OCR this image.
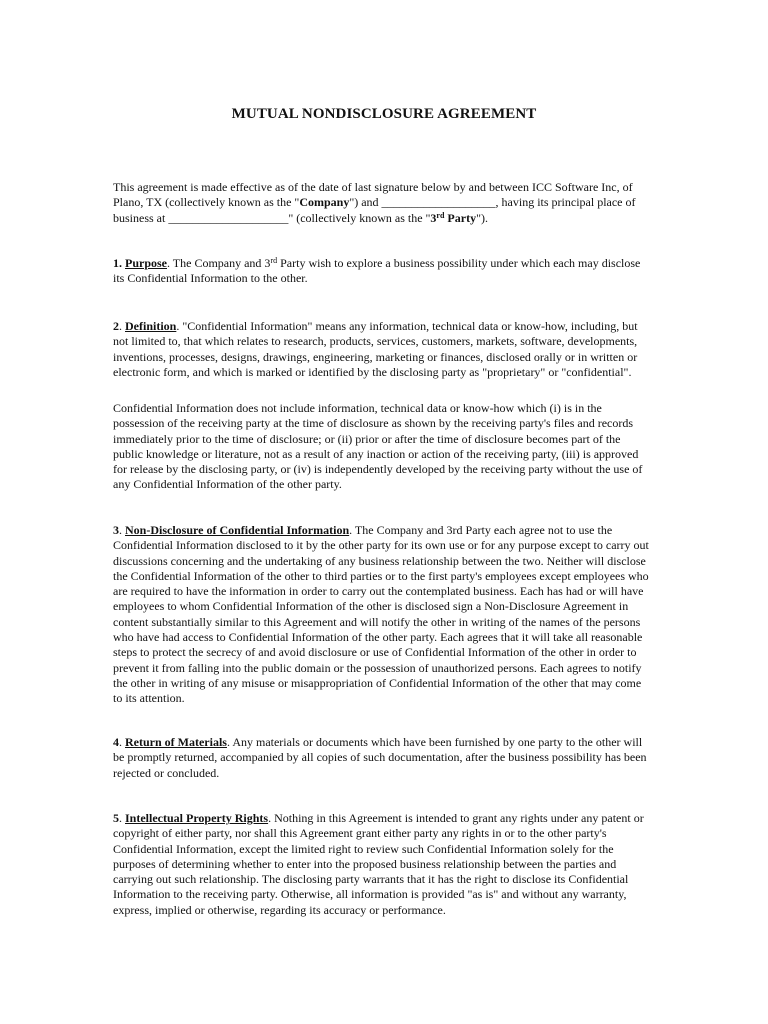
MUTUAL NONDISCLOSURE AGREEMENT

This agreement is made effective as of the date of last signature below by and between ICC Software Inc, of Plano, TX (collectively known as the "Company") and ___________________, having its principal place of business at ____________________" (collectively known as the "3rd Party").

1. Purpose. The Company and 3rd Party wish to explore a business possibility under which each may disclose its Confidential Information to the other.

2. Definition. "Confidential Information" means any information, technical data or know-how, including, but not limited to, that which relates to research, products, services, customers, markets, software, developments, inventions, processes, designs, drawings, engineering, marketing or finances, disclosed orally or in written or electronic form, and which is marked or identified by the disclosing party as "proprietary" or "confidential".

Confidential Information does not include information, technical data or know-how which (i) is in the possession of the receiving party at the time of disclosure as shown by the receiving party's files and records immediately prior to the time of disclosure; or (ii) prior or after the time of disclosure becomes part of the public knowledge or literature, not as a result of any inaction or action of the receiving party, (iii) is approved for release by the disclosing party, or (iv) is independently developed by the receiving party without the use of any Confidential Information of the other party.

3. Non-Disclosure of Confidential Information. The Company and 3rd Party each agree not to use the Confidential Information disclosed to it by the other party for its own use or for any purpose except to carry out discussions concerning and the undertaking of any business relationship between the two. Neither will disclose the Confidential Information of the other to third parties or to the first party's employees except employees who are required to have the information in order to carry out the contemplated business. Each has had or will have employees to whom Confidential Information of the other is disclosed sign a Non-Disclosure Agreement in content substantially similar to this Agreement and will notify the other in writing of the names of the persons who have had access to Confidential Information of the other party. Each agrees that it will take all reasonable steps to protect the secrecy of and avoid disclosure or use of Confidential Information of the other in order to prevent it from falling into the public domain or the possession of unauthorized persons. Each agrees to notify the other in writing of any misuse or misappropriation of Confidential Information of the other that may come to its attention.

4. Return of Materials. Any materials or documents which have been furnished by one party to the other will be promptly returned, accompanied by all copies of such documentation, after the business possibility has been rejected or concluded.

5. Intellectual Property Rights. Nothing in this Agreement is intended to grant any rights under any patent or copyright of either party, nor shall this Agreement grant either party any rights in or to the other party's Confidential Information, except the limited right to review such Confidential Information solely for the purposes of determining whether to enter into the proposed business relationship between the parties and carrying out such relationship. The disclosing party warrants that it has the right to disclose its Confidential Information to the receiving party. Otherwise, all information is provided "as is" and without any warranty, express, implied or otherwise, regarding its accuracy or performance.
